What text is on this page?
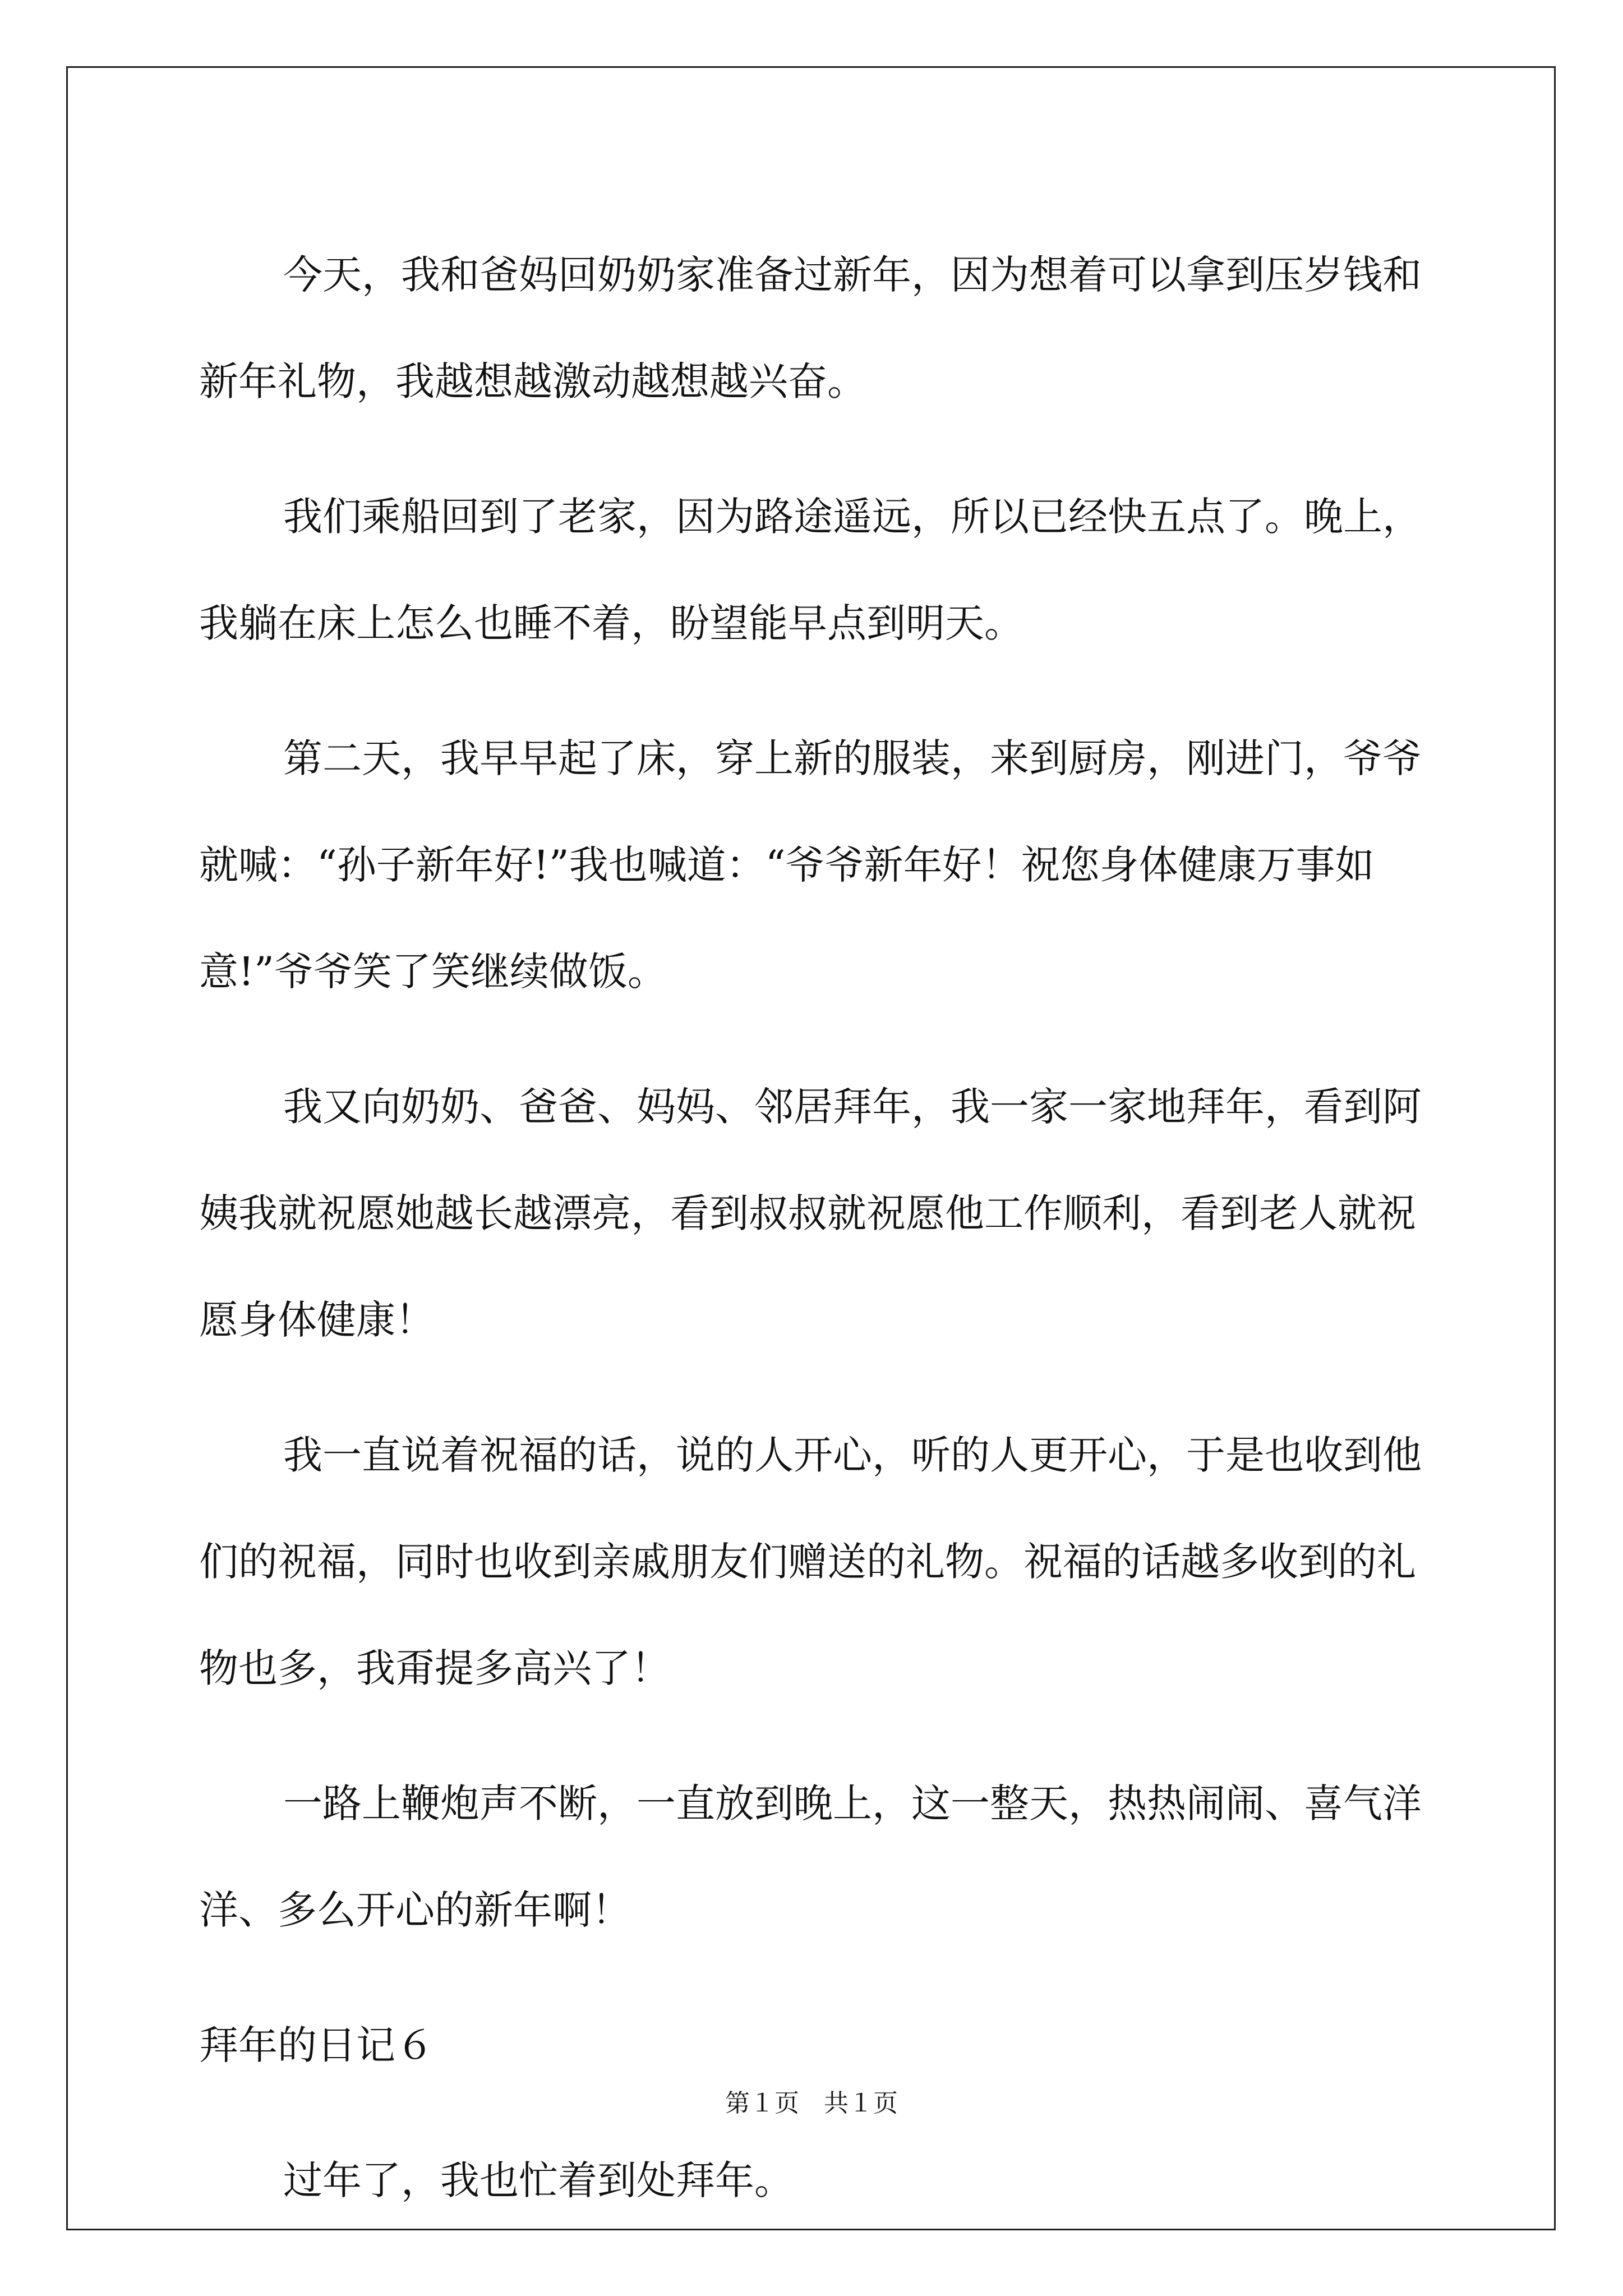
今天，我和爸妈回奶奶家准备过新年，因为想着可以拿到压岁钱和新年礼物，我越想越激动越想越兴奋。

我们乘船回到了老家，因为路途遥远，所以已经快五点了。晚上，我躺在床上怎么也睡不着，盼望能早点到明天。

第二天，我早早起了床，穿上新的服装，来到厨房，刚进门，爷爷就喊：“孙子新年好!”我也喊道：“爷爷新年好！祝您身体健康万事如意!”爷爷笑了笑继续做饭。

我又向奶奶、爸爸、妈妈、邻居拜年，我一家一家地拜年，看到阿姨我就祝愿她越长越漂亮，看到叔叔就祝愿他工作顺利，看到老人就祝愿身体健康！

我一直说着祝福的话，说的人开心，听的人更开心，于是也收到他们的祝福，同时也收到亲戚朋友们赠送的礼物。祝福的话越多收到的礼物也多，我甭提多高兴了！

一路上鞭炮声不断，一直放到晚上，这一整天，热热闹闹、喜气洋洋、多么开心的新年啊！

拜年的日记６

过年了，我也忙着到处拜年。

第１页　共１页
